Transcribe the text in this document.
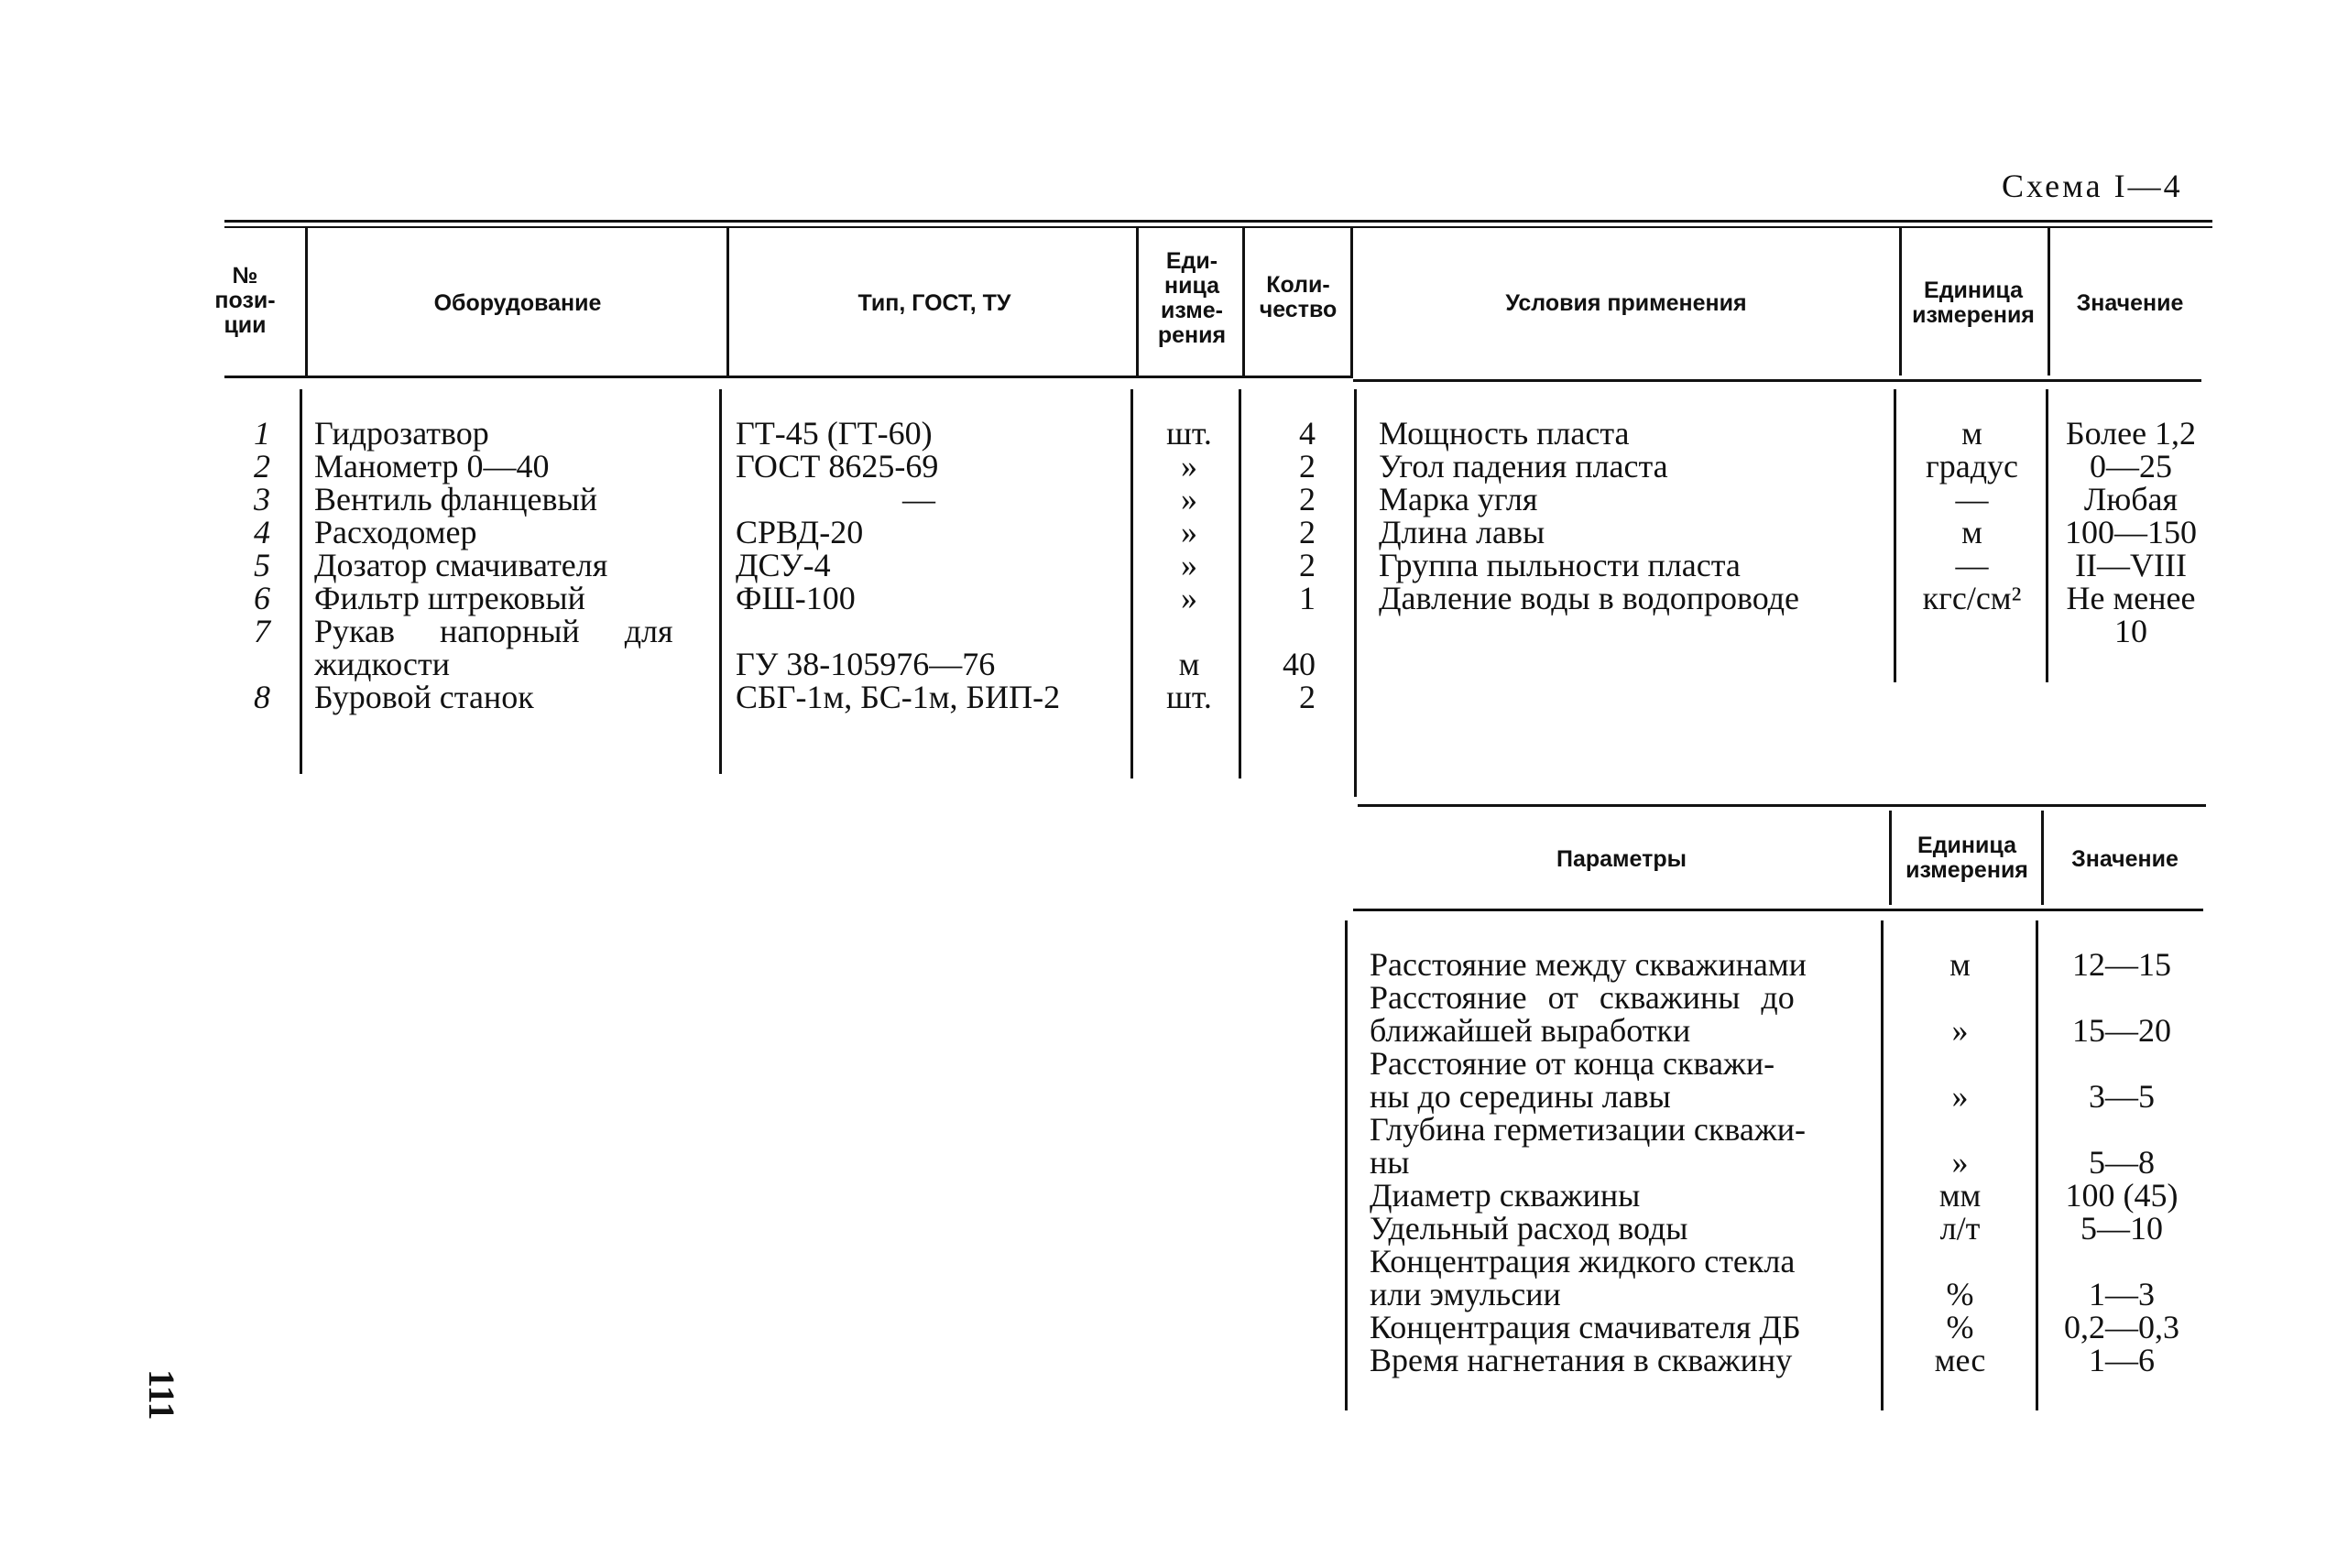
Схема I—4
111
№ пози- ции
Оборудование	Тип, ГОСТ, ТУ
Еди- ница изме- рения
Коли- чество
1 Гидрозатвор	ГТ-45 (ГТ-60)	шт.	4
2 Манометр 0—40	ГОСТ 8625-69	»	2
3 Вентиль фланцевый	—	»	2
4 Расходомер	СРВД-20	»	2
5 Дозатор смачивателя	ДСУ-4	»	2
6 Фильтр штрековый	ФШ-100	»	1
7 Рукав напорный для
жидкости	ГУ 38-105976—76	м	40
8 Буровой станок	СБГ-1м, БС-1м, БИП-2	шт.	2
Условия применения	Единица измерения	Значение
Мощность пласта	м	Более 1,2
Угол падения пласта	градус	0—25
Марка угля	—	Любая
Длина лавы	м	100—150
Группа пыльности пласта	—	II—VIII
Давление воды в водопроводе	кгс/см²	Не менее
10
Параметры
Единица измерения	Значение
Расстояние между скважинами	м	12—15
Расстояние от скважины до
ближайшей выработки	»	15—20
Расстояние от конца скважи-
ны до середины лавы	»	3—5
Глубина герметизации скважи-
ны	»	5—8
Диаметр скважины	мм	100 (45)
Удельный расход воды	л/т	5—10
Концентрация жидкого стекла
или эмульсии	%	1—3
Концентрация смачивателя ДБ	%	0,2—0,3
Время нагнетания в скважину	мес	1—6
